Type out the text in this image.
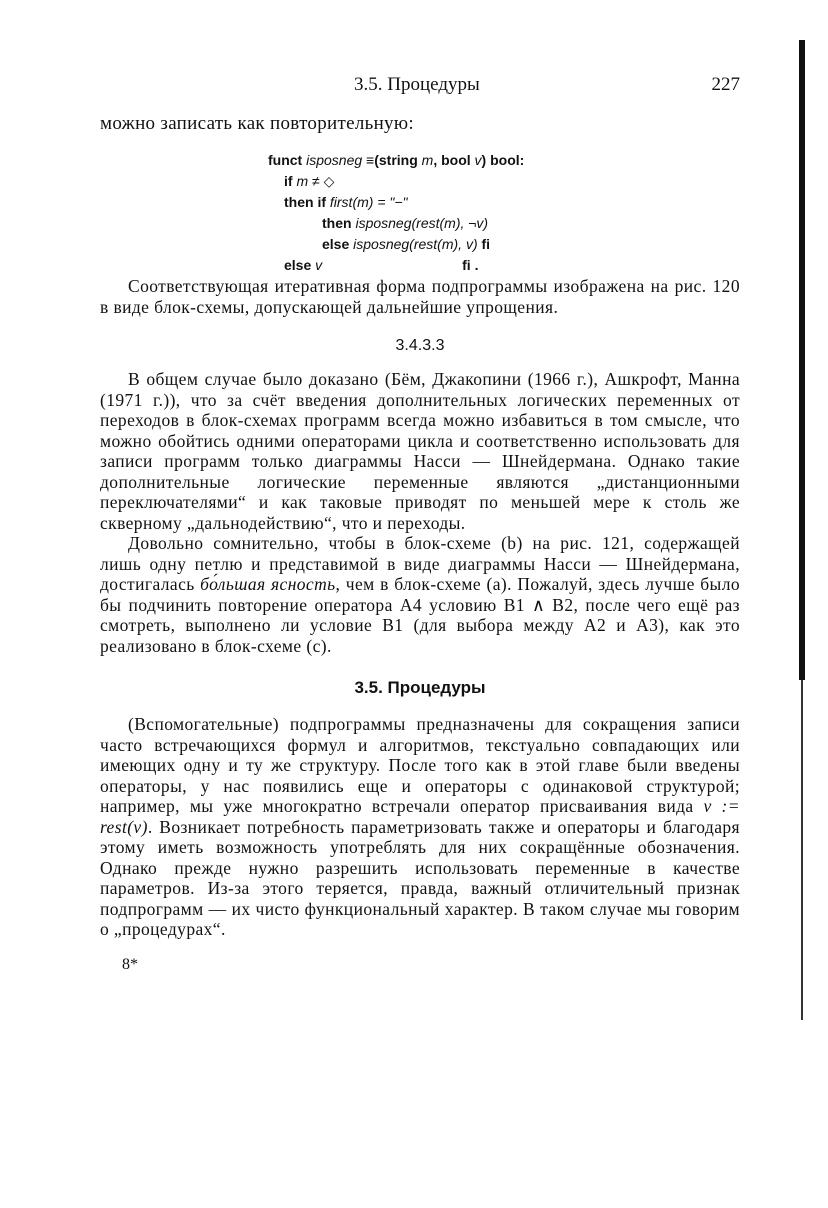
3.5. Процедуры	227
можно записать как повторительную:
funct isposneg ≡(string m, bool v) bool:
if m ≠ ◇
then if first(m) = "−"
then isposneg(rest(m), ¬v)
else isposneg(rest(m), v) fi
else v	fi .

Соответствующая итеративная форма подпрограммы изображена на рис. 120 в виде блок-схемы, допускающей дальнейшие упрощения.

3.4.3.3

В общем случае было доказано (Бём, Джакопини (1966 г.), Ашкрофт, Манна (1971 г.)), что за счёт введения дополнительных логических переменных от переходов в блок-схемах программ всегда можно избавиться в том смысле, что можно обойтись одними операторами цикла и соответственно использовать для записи программ только диаграммы Насси — Шнейдермана. Однако такие дополнительные логические переменные являются „дистанционными переключателями“ и как таковые приводят по меньшей мере к столь же скверному „дальнодействию“, что и переходы.

Довольно сомнительно, чтобы в блок-схеме (b) на рис. 121, содержащей лишь одну петлю и представимой в виде диаграммы Насси — Шнейдермана, достигалась бо́льшая ясность, чем в блок-схеме (a). Пожалуй, здесь лучше было бы подчинить повторение оператора A4 условию B1 ∧ B2, после чего ещё раз смотреть, выполнено ли условие B1 (для выбора между A2 и A3), как это реализовано в блок-схеме (c).

3.5. Процедуры

(Вспомогательные) подпрограммы предназначены для сокращения записи часто встречающихся формул и алгоритмов, текстуально совпадающих или имеющих одну и ту же структуру. После того как в этой главе были введены операторы, у нас появились еще и операторы с одинаковой структурой; например, мы уже многократно встречали оператор присваивания вида v := rest(v). Возникает потребность параметризовать также и операторы и благодаря этому иметь возможность употреблять для них сокращённые обозначения. Однако прежде нужно разрешить использовать переменные в качестве параметров. Из-за этого теряется, правда, важный отличительный признак подпрограмм — их чисто функциональный характер. В таком случае мы говорим о „процедурах“.

8*
